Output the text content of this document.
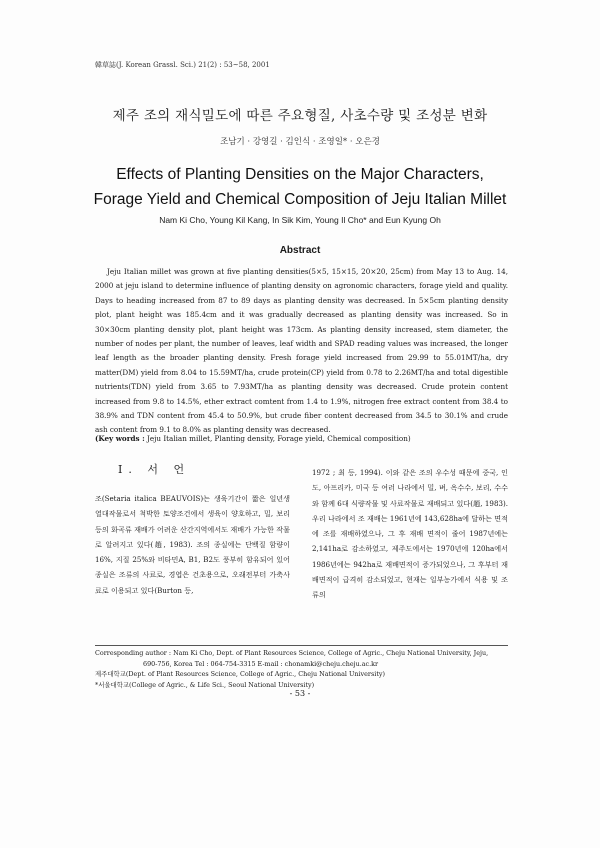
韓草誌(J. Korean Grassl. Sci.) 21(2) : 53~58, 2001
제주 조의 재식밀도에 따른 주요형질, 사초수량 및 조성분 변화
조남기 · 강영길 · 김인식 · 조영일* · 오은경
Effects of Planting Densities on the Major Characters, Forage Yield and Chemical Composition of Jeju Italian Millet
Nam Ki Cho, Young Kil Kang, In Sik Kim, Young Il Cho* and Eun Kyung Oh
Abstract

Jeju Italian millet was grown at five planting densities(5×5, 15×15, 20×20, 25cm) from May 13 to Aug. 14, 2000 at jeju island to determine influence of planting density on agronomic characters, forage yield and quality. Days to heading increased from 87 to 89 days as planting density was decreased. In 5×5cm planting density plot, plant height was 185.4cm and it was gradually decreased as planting density was increased. So in 30×30cm planting density plot, plant height was 173cm. As planting density increased, stem diameter, the number of nodes per plant, the number of leaves, leaf width and SPAD reading values was increased, the longer leaf length as the broader planting density. Fresh forage yield increased from 29.99 to 55.01MT/ha, dry matter(DM) yield from 8.04 to 15.59MT/ha, crude protein(CP) yield from 0.78 to 2.26MT/ha and total digestible nutrients(TDN) yield from 3.65 to 7.93MT/ha as planting density was decreased. Crude protein content increased from 9.8 to 14.5%, ether extract comtent from 1.4 to 1.9%, nitrogen free extract content from 38.4 to 38.9% and TDN content from 45.4 to 50.9%, but crude fiber content decreased from 34.5 to 30.1% and crude ash content from 9.1 to 8.0% as planting density was decreased.

(Key words : Jeju Italian millet, Planting density, Forage yield, Chemical composition)
I. 서 언

조(Setaria italica BEAUVOIS)는 생육기간이 짧은 일년생 열대작물로서 척박한 토양조건에서 생육이 양호하고, 밀, 보리 등의 화곡류 재배가 어려운 산간지역에서도 재배가 가능한 작물로 알려지고 있다(趙, 1983). 조의 종실에는 단백질 함량이 16%, 지질 25%와 비타민A, B1, B2도 풍부히 함유되어 있어 종실은 조류의 사료로, 경엽은 건초용으로, 오래전부터 가축사료로 이용되고 있다(Burton 등,

1972 ; 최 등, 1994). 이와 같은 조의 우수성 때문에 중국, 인도, 아프리카, 미국 등 여러 나라에서 밀, 벼, 옥수수, 보리, 수수와 함께 6대 식량작물 및 사료작물로 재배되고 있다(趙, 1983). 우리 나라에서 조 재배는 1961년에 143,628ha에 달하는 면적에 조를 재배하였으나, 그 후 재배 면적이 줄어 1987년에는 2,141ha로 감소하였고, 제주도에서는 1970년에 120ha에서 1986년에는 942ha로 재배면적이 증가되었으나, 그 후부터 재배면적이 급격히 감소되었고, 현재는 일부농가에서 식용 및 조류의

Corresponding author : Nam Ki Cho, Dept. of Plant Resources Science, College of Agric., Cheju National University, Jeju,
690-756, Korea Tel : 064-754-3315 E-mail : chonamki@cheju.cheju.ac.kr
제주대학교(Dept. of Plant Resources Science, College of Agric., Cheju National University)
*서울대학교(College of Agric., & Life Sci., Seoul National University)
- 53 -
